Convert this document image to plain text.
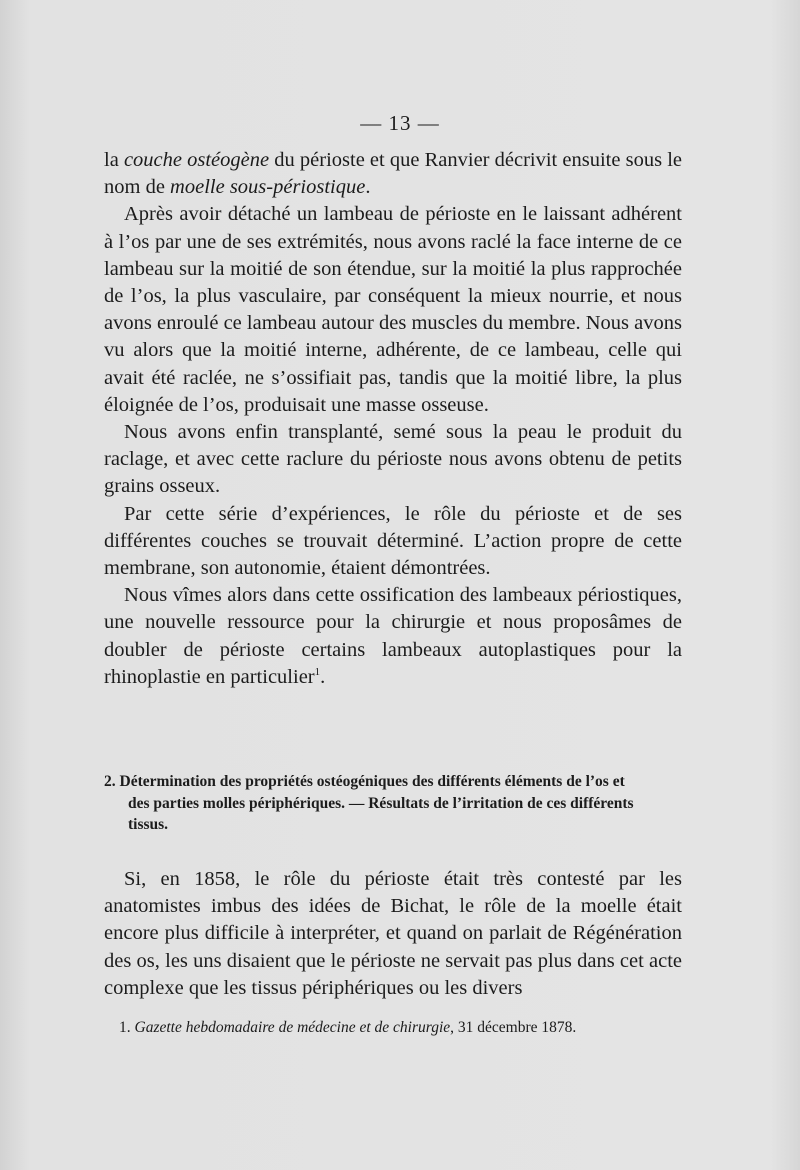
— 13 —

la couche ostéogène du périoste et que Ranvier décrivit ensuite sous le nom de moelle sous-périostique.

Après avoir détaché un lambeau de périoste en le laissant adhérent à l’os par une de ses extrémités, nous avons raclé la face interne de ce lambeau sur la moitié de son étendue, sur la moitié la plus rapprochée de l’os, la plus vasculaire, par conséquent la mieux nourrie, et nous avons enroulé ce lambeau autour des muscles du membre. Nous avons vu alors que la moitié interne, adhérente, de ce lambeau, celle qui avait été raclée, ne s’ossifiait pas, tandis que la moitié libre, la plus éloignée de l’os, produisait une masse osseuse.

Nous avons enfin transplanté, semé sous la peau le produit du raclage, et avec cette raclure du périoste nous avons obtenu de petits grains osseux.

Par cette série d’expériences, le rôle du périoste et de ses différentes couches se trouvait déterminé. L’action propre de cette membrane, son autonomie, étaient démontrées.

Nous vîmes alors dans cette ossification des lambeaux périostiques, une nouvelle ressource pour la chirurgie et nous proposâmes de doubler de périoste certains lambeaux autoplastiques pour la rhinoplastie en particulier$^1$.

2. Détermination des propriétés ostéogéniques des différents éléments de l’os et
des parties molles périphériques. — Résultats de l’irritation de ces différents
tissus.

Si, en 1858, le rôle du périoste était très contesté par les anatomistes imbus des idées de Bichat, le rôle de la moelle était encore plus difficile à interpréter, et quand on parlait de Régénération des os, les uns disaient que le périoste ne servait pas plus dans cet acte complexe que les tissus périphériques ou les divers

1. Gazette hebdomadaire de médecine et de chirurgie, 31 décembre 1878.
